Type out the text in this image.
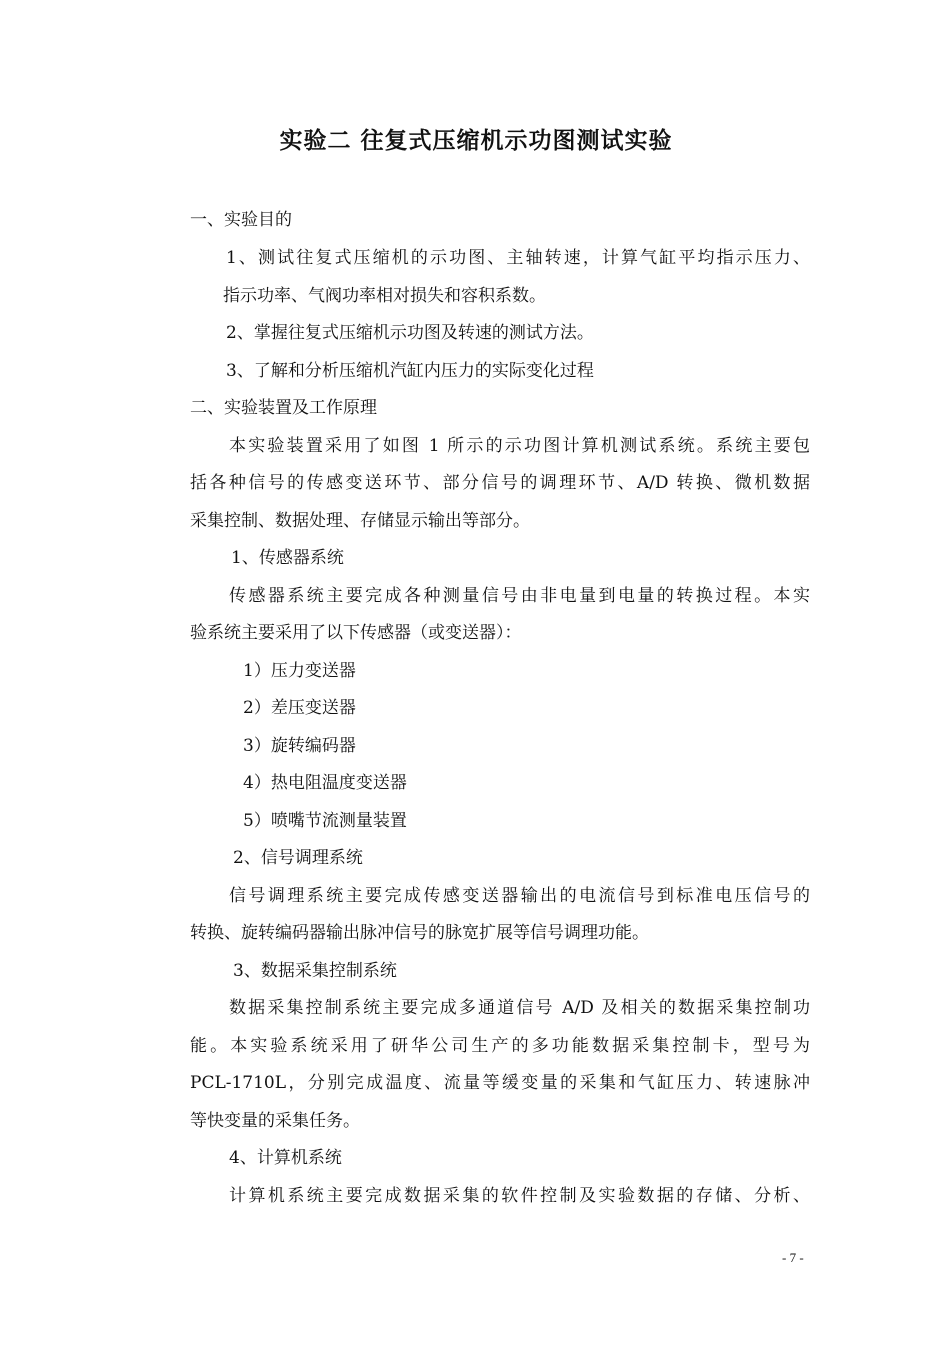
实验二 往复式压缩机示功图测试实验
一、实验目的
1、测试往复式压缩机的示功图、主轴转速，计算气缸平均指示压力、
指示功率、气阀功率相对损失和容积系数。
2、掌握往复式压缩机示功图及转速的测试方法。
3、了解和分析压缩机汽缸内压力的实际变化过程
二、实验装置及工作原理
本实验装置采用了如图 1 所示的示功图计算机测试系统。系统主要包
括各种信号的传感变送环节、部分信号的调理环节、A/D 转换、微机数据
采集控制、数据处理、存储显示输出等部分。
1、传感器系统
传感器系统主要完成各种测量信号由非电量到电量的转换过程。本实
验系统主要采用了以下传感器（或变送器）：
1）压力变送器
2）差压变送器
3）旋转编码器
4）热电阻温度变送器
5）喷嘴节流测量装置
2、信号调理系统
信号调理系统主要完成传感变送器输出的电流信号到标准电压信号的
转换、旋转编码器输出脉冲信号的脉宽扩展等信号调理功能。
3、数据采集控制系统
数据采集控制系统主要完成多通道信号 A/D 及相关的数据采集控制功
能。本实验系统采用了研华公司生产的多功能数据采集控制卡，型号为
PCL-1710L，分别完成温度、流量等缓变量的采集和气缸压力、转速脉冲
等快变量的采集任务。
4、计算机系统
计算机系统主要完成数据采集的软件控制及实验数据的存储、分析、
- 7 -
